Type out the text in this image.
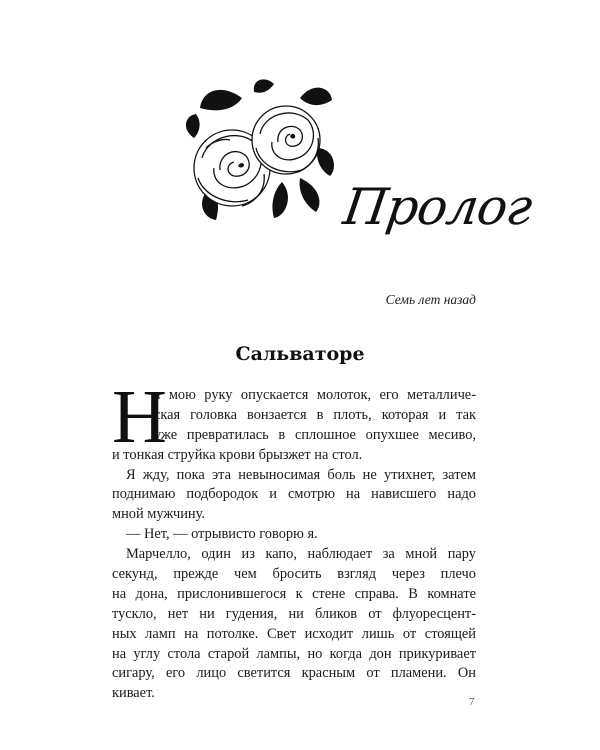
Пролог
Семь лет назад
Сальваторе
Н
а мою руку опускается молоток, его металличе-
ская головка вонзается в плоть, которая и так
уже превратилась в сплошное опухшее месиво,
и тонкая струйка крови брызжет на стол.
Я жду, пока эта невыносимая боль не утихнет, затем
поднимаю подбородок и смотрю на нависшего надо
мной мужчину.
— Нет, — отрывисто говорю я.
Марчелло, один из капо, наблюдает за мной пару
секунд, прежде чем бросить взгляд через плечо
на дона, прислонившегося к стене справа. В комнате
тускло, нет ни гудения, ни бликов от флуоресцент-
ных ламп на потолке. Свет исходит лишь от стоящей
на углу стола старой лампы, но когда дон прикуривает
сигару, его лицо светится красным от пламени. Он
кивает.
7
